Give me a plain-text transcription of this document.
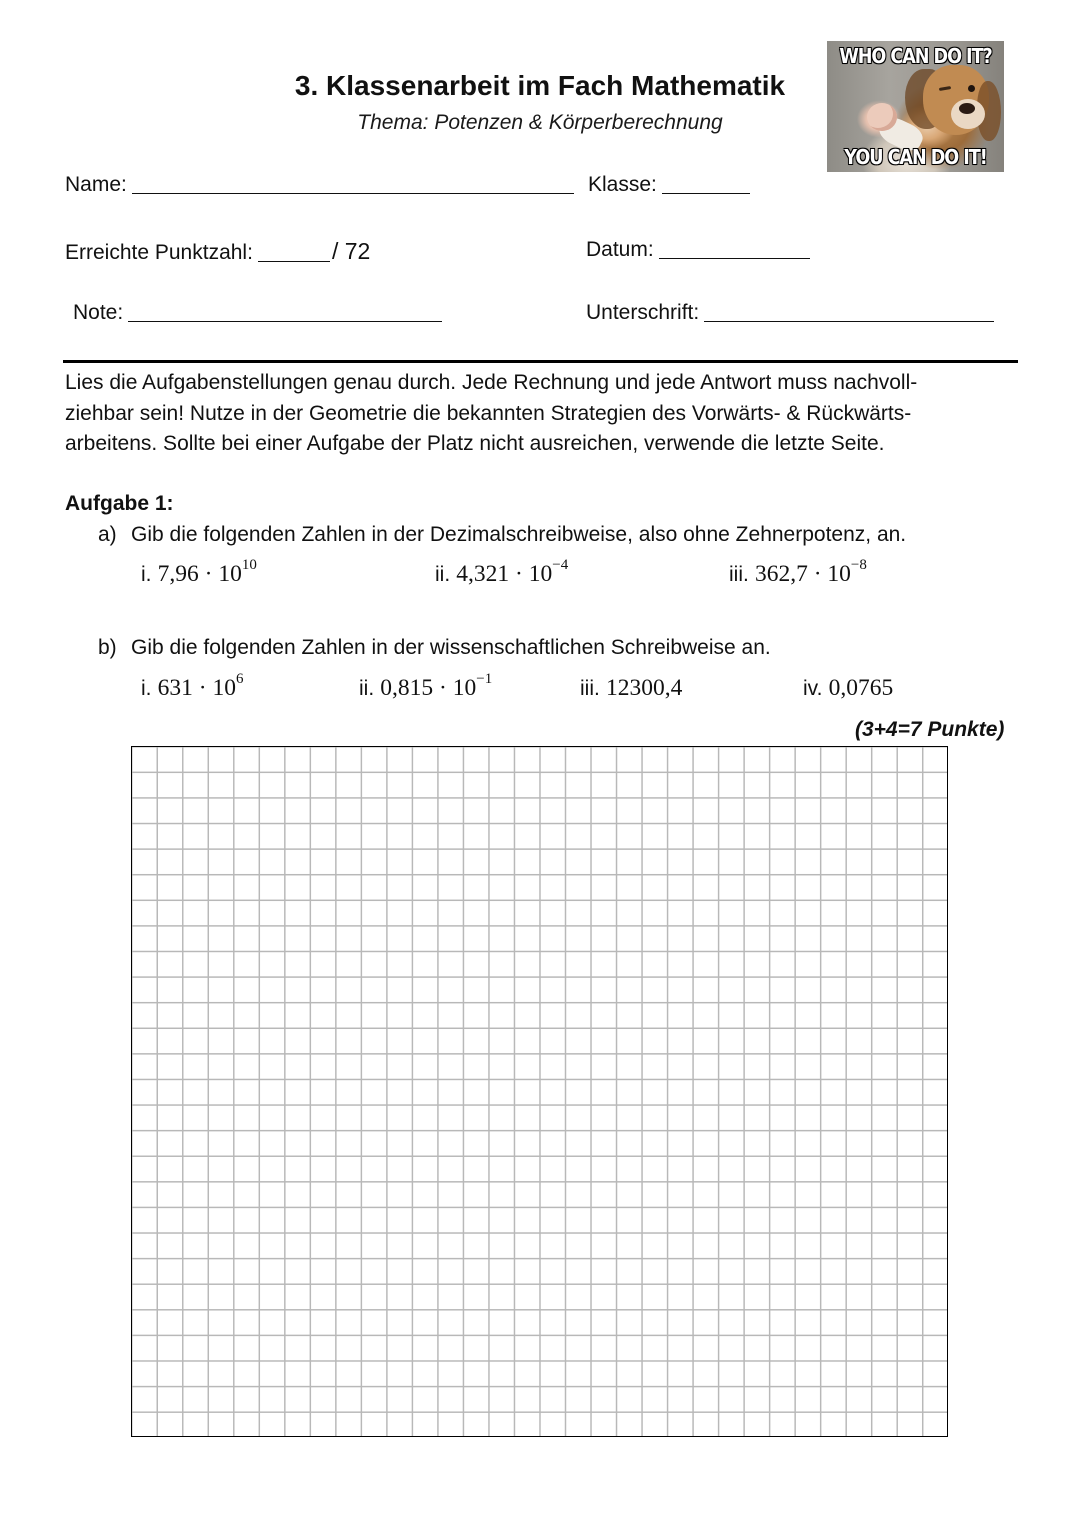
3. Klassenarbeit im Fach Mathematik
Thema: Potenzen & Körperberechnung
WHO CAN DO IT?
YOU CAN DO IT!
Name:	Klasse:
Erreichte Punktzahl:	/ 72	Datum:
Note:	Unterschrift:
Lies die Aufgabenstellungen genau durch. Jede Rechnung und jede Antwort muss nachvoll-
ziehbar sein! Nutze in der Geometrie die bekannten Strategien des Vorwärts- & Rückwärts-
arbeitens. Sollte bei einer Aufgabe der Platz nicht ausreichen, verwende die letzte Seite.
Aufgabe 1:
a) Gib die folgenden Zahlen in der Dezimalschreibweise, also ohne Zehnerpotenz, an.
i. $7,96 \cdot 10^{10}$	ii. $4,321 \cdot 10^{-4}$	iii. $362,7 \cdot 10^{-8}$
b) Gib die folgenden Zahlen in der wissenschaftlichen Schreibweise an.
i. $631 \cdot 10^6$	ii. $0,815 \cdot 10^{-1}$	iii. 12300,4	iv. 0,0765
(3+4=7 Punkte)
